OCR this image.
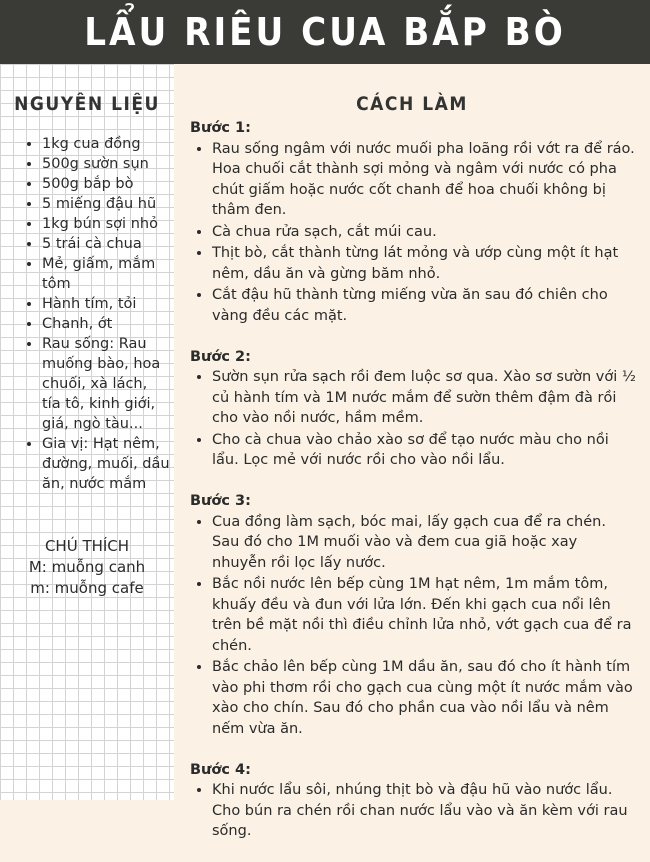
LẨU RIÊU CUA BẮP BÒ
NGUYÊN LIỆU
• 1kg cua đồng
• 500g sườn sụn
• 500g bắp bò
• 5 miếng đậu hũ
• 1kg bún sợi nhỏ
• 5 trái cà chua
• Mẻ, giấm, mắm tôm
• Hành tím, tỏi
• Chanh, ớt
• Rau sống: Rau muống bào, hoa chuối, xà lách, tía tô, kinh giới, giá, ngò tàu...
• Gia vị: Hạt nêm, đường, muối, dầu ăn, nước mắm
CHÚ THÍCH
M: muỗng canh
m: muỗng cafe
CÁCH LÀM
Bước 1:
• Rau sống ngâm với nước muối pha loãng rồi vớt ra để ráo. Hoa chuối cắt thành sợi mỏng và ngâm với nước có pha chút giấm hoặc nước cốt chanh để hoa chuối không bị thâm đen.
• Cà chua rửa sạch, cắt múi cau.
• Thịt bò, cắt thành từng lát mỏng và ướp cùng một ít hạt nêm, dầu ăn và gừng băm nhỏ.
• Cắt đậu hũ thành từng miếng vừa ăn sau đó chiên cho vàng đều các mặt.
Bước 2:
• Sườn sụn rửa sạch rồi đem luộc sơ qua. Xào sơ sườn với ½ củ hành tím và 1M nước mắm để sườn thêm đậm đà rồi cho vào nồi nước, hầm mềm.
• Cho cà chua vào chảo xào sơ để tạo nước màu cho nồi lẩu. Lọc mẻ với nước rồi cho vào nồi lẩu.
Bước 3:
• Cua đồng làm sạch, bóc mai, lấy gạch cua để ra chén. Sau đó cho 1M muối vào và đem cua giã hoặc xay nhuyễn rồi lọc lấy nước.
• Bắc nồi nước lên bếp cùng 1M hạt nêm, 1m mắm tôm, khuấy đều và đun với lửa lớn. Đến khi gạch cua nổi lên trên bề mặt nồi thì điều chỉnh lửa nhỏ, vớt gạch cua để ra chén.
• Bắc chảo lên bếp cùng 1M dầu ăn, sau đó cho ít hành tím vào phi thơm rồi cho gạch cua cùng một ít nước mắm vào xào cho chín. Sau đó cho phần cua vào nồi lẩu và nêm nếm vừa ăn.
Bước 4:
• Khi nước lẩu sôi, nhúng thịt bò và đậu hũ vào nước lẩu. Cho bún ra chén rồi chan nước lẩu vào và ăn kèm với rau sống.
